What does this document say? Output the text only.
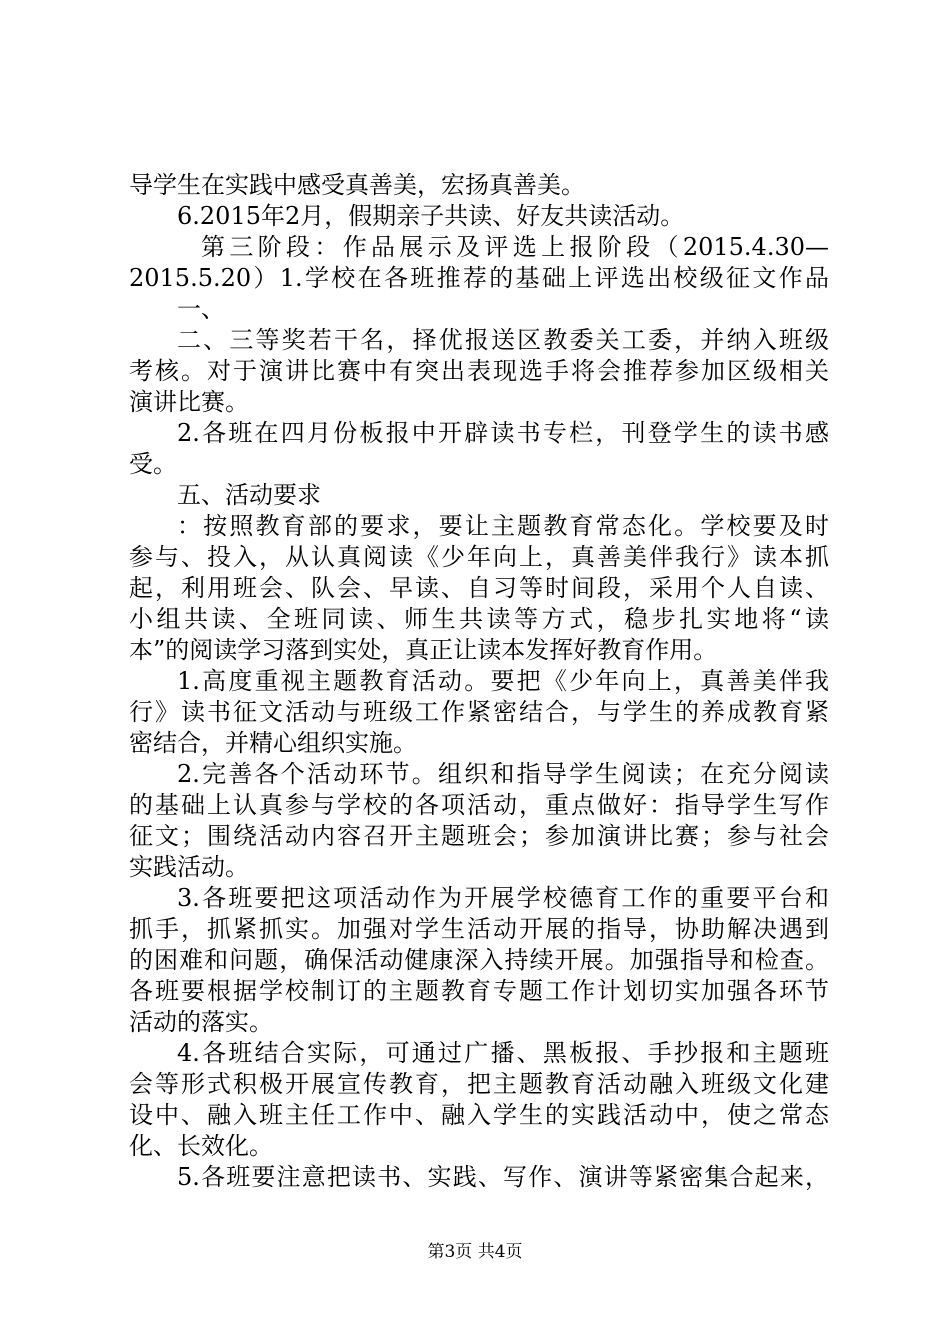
导学生在实践中感受真善美，宏扬真善美。
6.2015年2月，假期亲子共读、好友共读活动。
第三阶段：作品展示及评选上报阶段（2015.4.30—
2015.5.20）1.学校在各班推荐的基础上评选出校级征文作品
一、
二、三等奖若干名，择优报送区教委关工委，并纳入班级
考核。对于演讲比赛中有突出表现选手将会推荐参加区级相关
演讲比赛。
2.各班在四月份板报中开辟读书专栏，刊登学生的读书感
受。
五、活动要求
：按照教育部的要求，要让主题教育常态化。学校要及时
参与、投入，从认真阅读《少年向上，真善美伴我行》读本抓
起，利用班会、队会、早读、自习等时间段，采用个人自读、
小组共读、全班同读、师生共读等方式，稳步扎实地将“读
本”的阅读学习落到实处，真正让读本发挥好教育作用。
1.高度重视主题教育活动。要把《少年向上，真善美伴我
行》读书征文活动与班级工作紧密结合，与学生的养成教育紧
密结合，并精心组织实施。
2.完善各个活动环节。组织和指导学生阅读；在充分阅读
的基础上认真参与学校的各项活动，重点做好：指导学生写作
征文；围绕活动内容召开主题班会；参加演讲比赛；参与社会
实践活动。
3.各班要把这项活动作为开展学校德育工作的重要平台和
抓手，抓紧抓实。加强对学生活动开展的指导，协助解决遇到
的困难和问题，确保活动健康深入持续开展。加强指导和检查。
各班要根据学校制订的主题教育专题工作计划切实加强各环节
活动的落实。
4.各班结合实际，可通过广播、黑板报、手抄报和主题班
会等形式积极开展宣传教育，把主题教育活动融入班级文化建
设中、融入班主任工作中、融入学生的实践活动中，使之常态
化、长效化。
5.各班要注意把读书、实践、写作、演讲等紧密集合起来，
第3页 共4页
